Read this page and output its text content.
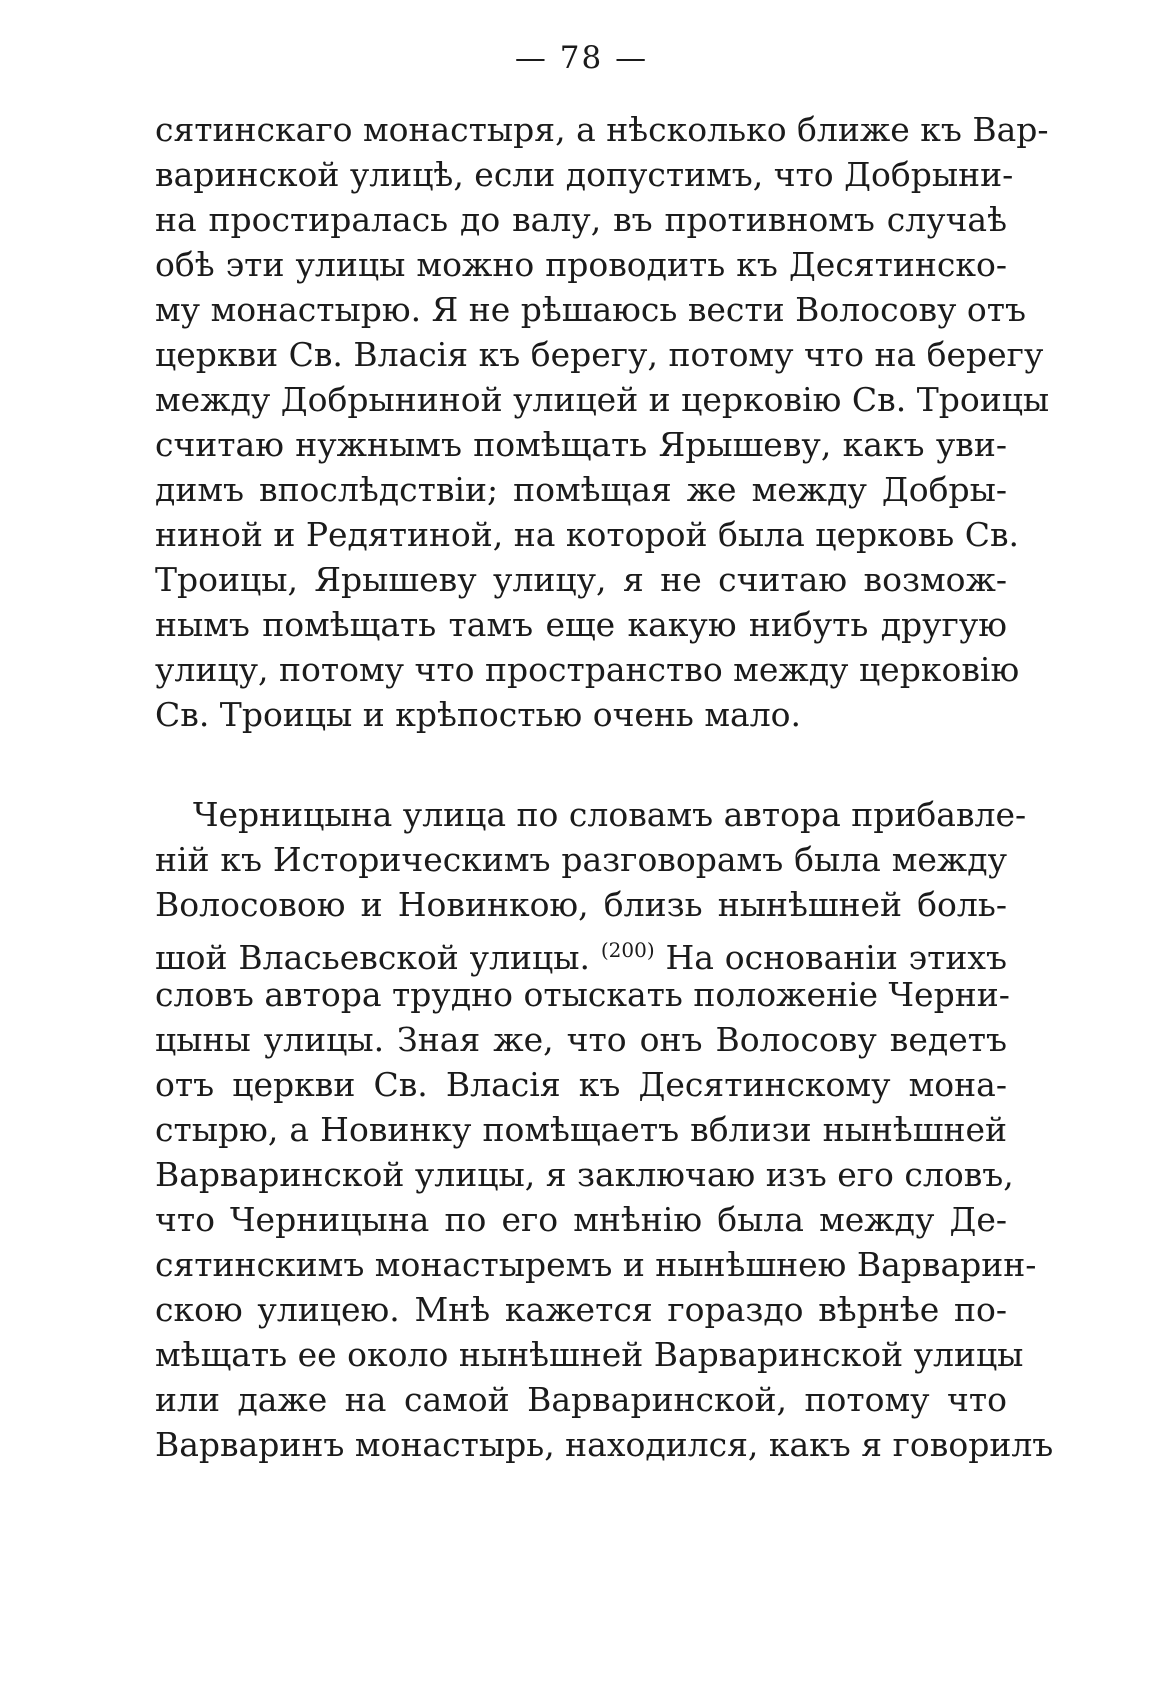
— 78 —
сятинскаго монастыря, а нѣсколько ближе къ Вар-
варинской улицѣ, если допустимъ, что Добрыни-
на простиралась до валу, въ противномъ случаѣ
обѣ эти улицы можно проводить къ Десятинско-
му монастырю. Я не рѣшаюсь вести Волосову отъ
церкви Св. Власія къ берегу, потому что на берегу
между Добрыниной улицей и церковію Св. Троицы
считаю нужнымъ помѣщать Ярышеву, какъ уви-
димъ впослѣдствіи; помѣщая же между Добры-
ниной и Редятиной, на которой была церковь Св.
Троицы, Ярышеву улицу, я не считаю возмож-
нымъ помѣщать тамъ еще какую нибуть другую
улицу, потому что пространство между церковію
Св. Троицы и крѣпостью очень мало.
Черницына улица по словамъ автора прибавле-
ній къ Историческимъ разговорамъ была между
Волосовою и Новинкою, близь нынѣшней боль-
шой Власьевской улицы. $^{(200)}$ На основаніи этихъ
словъ автора трудно отыскать положеніе Черни-
цыны улицы. Зная же, что онъ Волосову ведетъ
отъ церкви Св. Власія къ Десятинскому мона-
стырю, а Новинку помѣщаетъ вблизи нынѣшней
Варваринской улицы, я заключаю изъ его словъ,
что Черницына по его мнѣнію была между Де-
сятинскимъ монастыремъ и нынѣшнею Варварин-
скою улицею. Мнѣ кажется гораздо вѣрнѣе по-
мѣщать ее около нынѣшней Варваринской улицы
или даже на самой Варваринской, потому что
Варваринъ монастырь, находился, какъ я говорилъ
